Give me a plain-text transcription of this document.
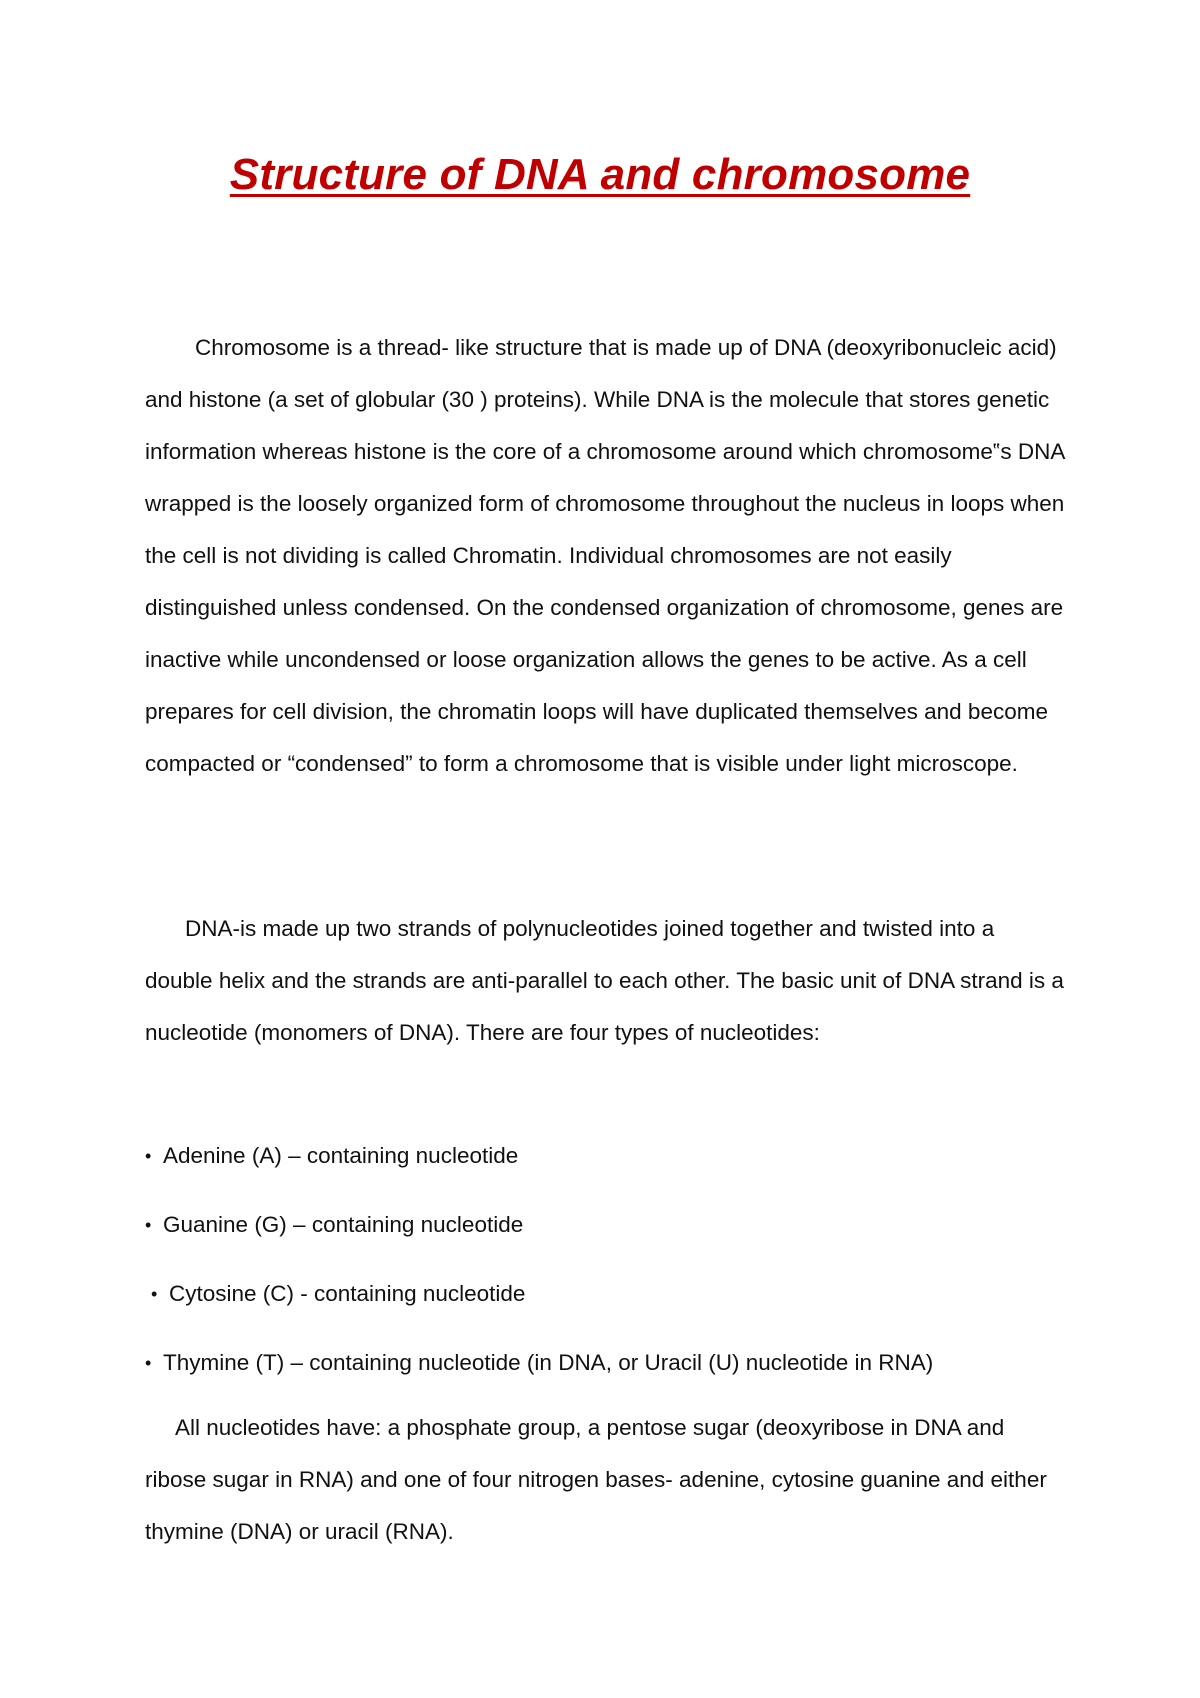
Structure of DNA and chromosome

Chromosome is a thread- like structure that is made up of DNA (deoxyribonucleic acid) and histone (a set of globular (30 ) proteins). While DNA is the molecule that stores genetic information whereas histone is the core of a chromosome around which chromosome‟s DNA wrapped is the loosely organized form of chromosome throughout the nucleus in loops when the cell is not dividing is called Chromatin. Individual chromosomes are not easily distinguished unless condensed. On the condensed organization of chromosome, genes are inactive while uncondensed or loose organization allows the genes to be active. As a cell prepares for cell division, the chromatin loops will have duplicated themselves and become compacted or “condensed” to form a chromosome that is visible under light microscope.

DNA-is made up two strands of polynucleotides joined together and twisted into a double helix and the strands are anti-parallel to each other. The basic unit of DNA strand is a nucleotide (monomers of DNA). There are four types of nucleotides:

• Adenine (A) – containing nucleotide
• Guanine (G) – containing nucleotide
• Cytosine (C) - containing nucleotide
• Thymine (T) – containing nucleotide (in DNA, or Uracil (U) nucleotide in RNA)

All nucleotides have: a phosphate group, a pentose sugar (deoxyribose in DNA and ribose sugar in RNA) and one of four nitrogen bases- adenine, cytosine guanine and either thymine (DNA) or uracil (RNA).
